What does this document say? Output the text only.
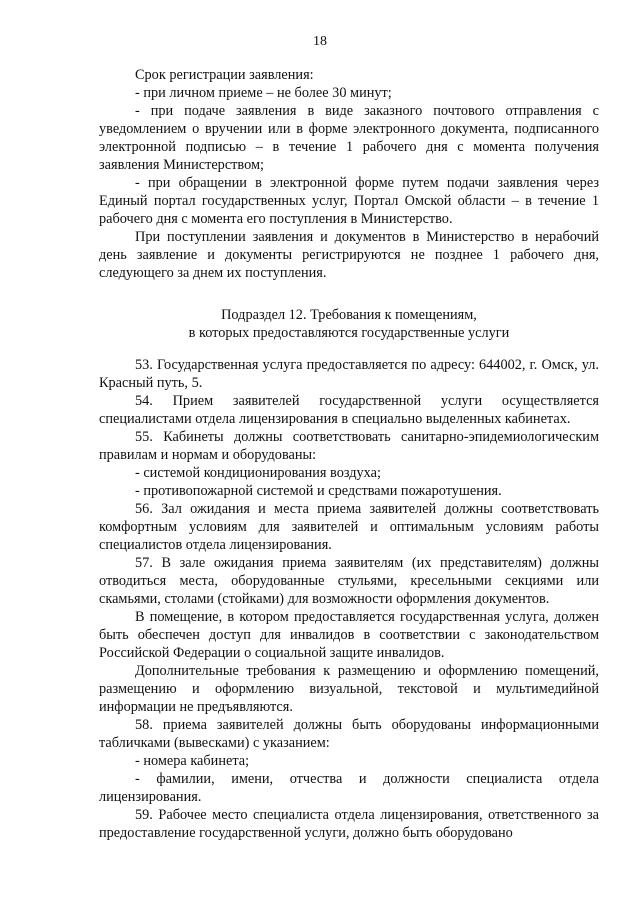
18

Срок регистрации заявления:

- при личном приеме – не более 30 минут;

- при подаче заявления в виде заказного почтового отправления с уведомлением о вручении или в форме электронного документа, подписанного электронной подписью – в течение 1 рабочего дня с момента получения заявления Министерством;

- при обращении в электронной форме путем подачи заявления через Единый портал государственных услуг, Портал Омской области – в течение 1 рабочего дня с момента его поступления в Министерство.

При поступлении заявления и документов в Министерство в нерабочий день заявление и документы регистрируются не позднее 1 рабочего дня, следующего за днем их поступления.

Подраздел 12. Требования к помещениям,
в которых предоставляются государственные услуги

53. Государственная услуга предоставляется по адресу: 644002, г. Омск, ул. Красный путь, 5.

54. Прием заявителей государственной услуги осуществляется специалистами отдела лицензирования в специально выделенных кабинетах.

55. Кабинеты должны соответствовать санитарно-эпидемиологическим правилам и нормам и оборудованы:

- системой кондиционирования воздуха;

- противопожарной системой и средствами пожаротушения.

56. Зал ожидания и места приема заявителей должны соответствовать комфортным условиям для заявителей и оптимальным условиям работы специалистов отдела лицензирования.

57. В зале ожидания приема заявителям (их представителям) должны отводиться места, оборудованные стульями, кресельными секциями или скамьями, столами (стойками) для возможности оформления документов.

В помещение, в котором предоставляется государственная услуга, должен быть обеспечен доступ для инвалидов в соответствии с законодательством Российской Федерации о социальной защите инвалидов.

Дополнительные требования к размещению и оформлению помещений, размещению и оформлению визуальной, текстовой и мультимедийной информации не предъявляются.

58. приема заявителей должны быть оборудованы информационными табличками (вывесками) с указанием:

- номера кабинета;

- фамилии, имени, отчества и должности специалиста отдела лицензирования.

59. Рабочее место специалиста отдела лицензирования, ответственного за предоставление государственной услуги, должно быть оборудовано
